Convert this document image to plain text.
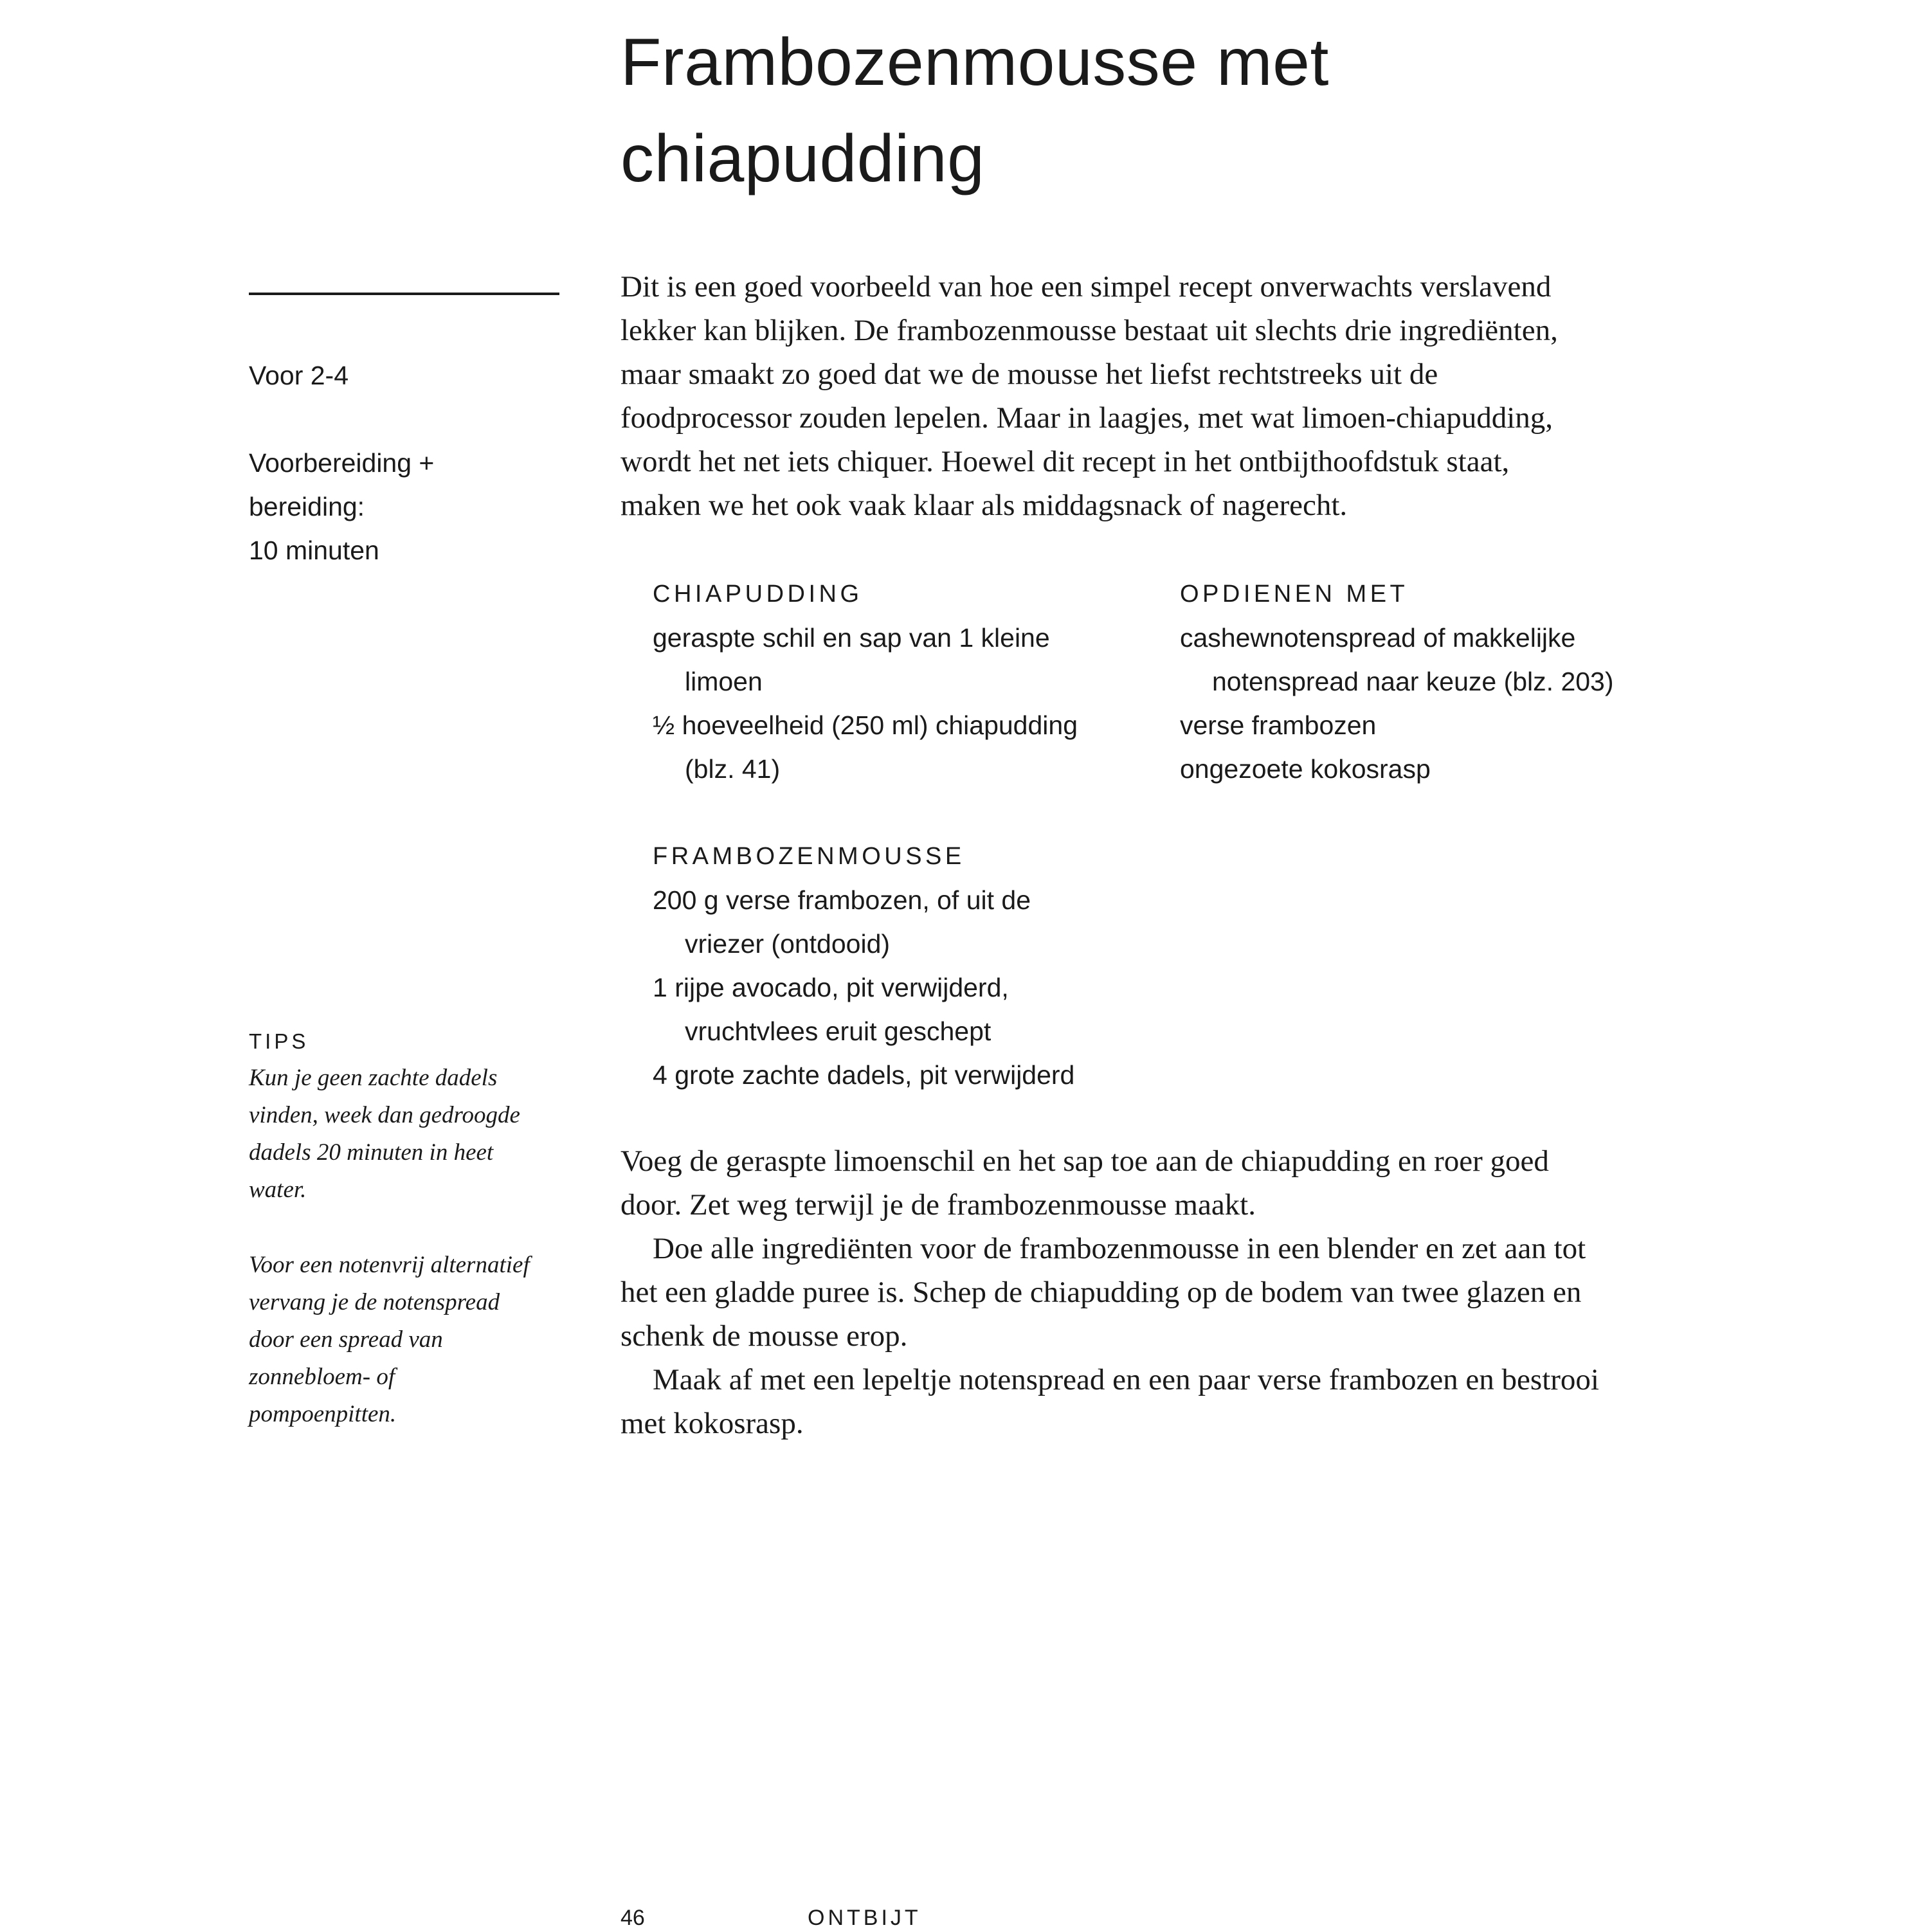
Frambozenmousse met
chiapudding

Voor 2-4

Voorbereiding +
bereiding:
10 minuten

TIPS

Kun je geen zachte dadels
vinden, week dan gedroogde
dadels 20 minuten in heet
water.

Voor een notenvrij alternatief
vervang je de notenspread
door een spread van
zonnebloem- of
pompoenpitten.

Dit is een goed voorbeeld van hoe een simpel recept onverwachts verslavend
lekker kan blijken. De frambozenmousse bestaat uit slechts drie ingrediënten,
maar smaakt zo goed dat we de mousse het liefst rechtstreeks uit de
foodprocessor zouden lepelen. Maar in laagjes, met wat limoen-chiapudding,
wordt het net iets chiquer. Hoewel dit recept in het ontbijthoofdstuk staat,
maken we het ook vaak klaar als middagsnack of nagerecht.

CHIAPUDDING
geraspte schil en sap van 1 kleine
limoen
½ hoeveelheid (250 ml) chiapudding
(blz. 41)
OPDIENEN MET
cashewnotenspread of makkelijke
notenspread naar keuze (blz. 203)
verse frambozen
ongezoete kokosrasp
FRAMBOZENMOUSSE
200 g verse frambozen, of uit de
vriezer (ontdooid)
1 rijpe avocado, pit verwijderd,
vruchtvlees eruit geschept
4 grote zachte dadels, pit verwijderd

Voeg de geraspte limoenschil en het sap toe aan de chiapudding en roer goed
door. Zet weg terwijl je de frambozenmousse maakt.
Doe alle ingrediënten voor de frambozenmousse in een blender en zet aan tot
het een gladde puree is. Schep de chiapudding op de bodem van twee glazen en
schenk de mousse erop.
Maak af met een lepeltje notenspread en een paar verse frambozen en bestrooi
met kokosrasp.

46	ONTBIJT
